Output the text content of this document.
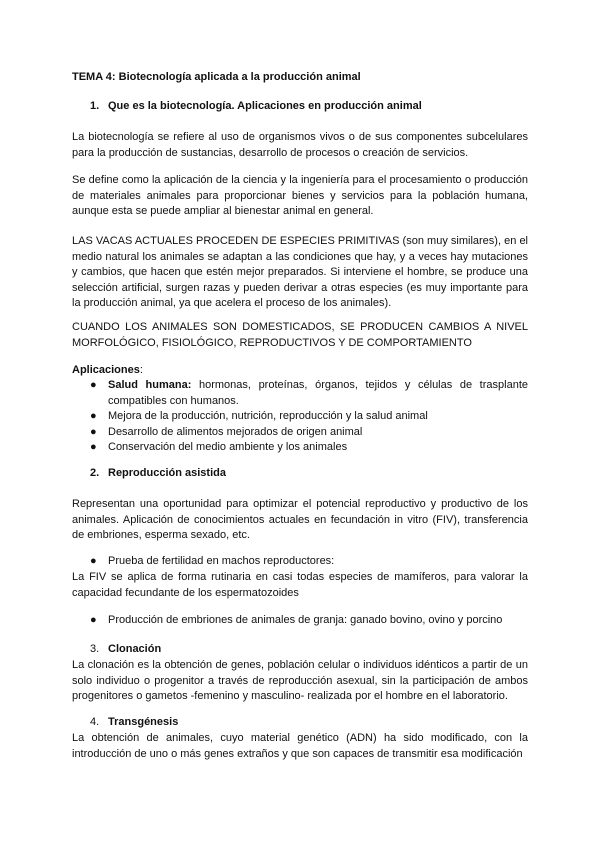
TEMA 4: Biotecnología aplicada a la producción animal
1. Que es la biotecnología. Aplicaciones en producción animal
La biotecnología se refiere al uso de organismos vivos o de sus componentes subcelulares para la producción de sustancias, desarrollo de procesos o creación de servicios.
Se define como la aplicación de la ciencia y la ingeniería para el procesamiento o producción de materiales animales para proporcionar bienes y servicios para la población humana, aunque esta se puede ampliar al bienestar animal en general.
LAS VACAS ACTUALES PROCEDEN DE ESPECIES PRIMITIVAS (son muy similares), en el medio natural los animales se adaptan a las condiciones que hay, y a veces hay mutaciones y cambios, que hacen que estén mejor preparados. Si interviene el hombre, se produce una selección artificial, surgen razas y pueden derivar a otras especies (es muy importante para la producción animal, ya que acelera el proceso de los animales).
CUANDO LOS ANIMALES SON DOMESTICADOS, SE PRODUCEN CAMBIOS A NIVEL MORFOLÓGICO, FISIOLÓGICO, REPRODUCTIVOS Y DE COMPORTAMIENTO
Aplicaciones:
●	Salud humana: hormonas, proteínas, órganos, tejidos y células de trasplante compatibles con humanos.
●	Mejora de la producción, nutrición, reproducción y la salud animal
●	Desarrollo de alimentos mejorados de origen animal
●	Conservación del medio ambiente y los animales
2. Reproducción asistida
Representan una oportunidad para optimizar el potencial reproductivo y productivo de los animales. Aplicación de conocimientos actuales en fecundación in vitro (FIV), transferencia de embriones, esperma sexado, etc.
●	Prueba de fertilidad en machos reproductores:
La FIV se aplica de forma rutinaria en casi todas especies de mamíferos, para valorar la capacidad fecundante de los espermatozoides
●	Producción de embriones de animales de granja: ganado bovino, ovino y porcino
3. Clonación
La clonación es la obtención de genes, población celular o individuos idénticos a partir de un solo individuo o progenitor a través de reproducción asexual, sin la participación de ambos progenitores o gametos -femenino y masculino- realizada por el hombre en el laboratorio.
4. Transgénesis
La obtención de animales, cuyo material genético (ADN) ha sido modificado, con la introducción de uno o más genes extraños y que son capaces de transmitir esa modificación
